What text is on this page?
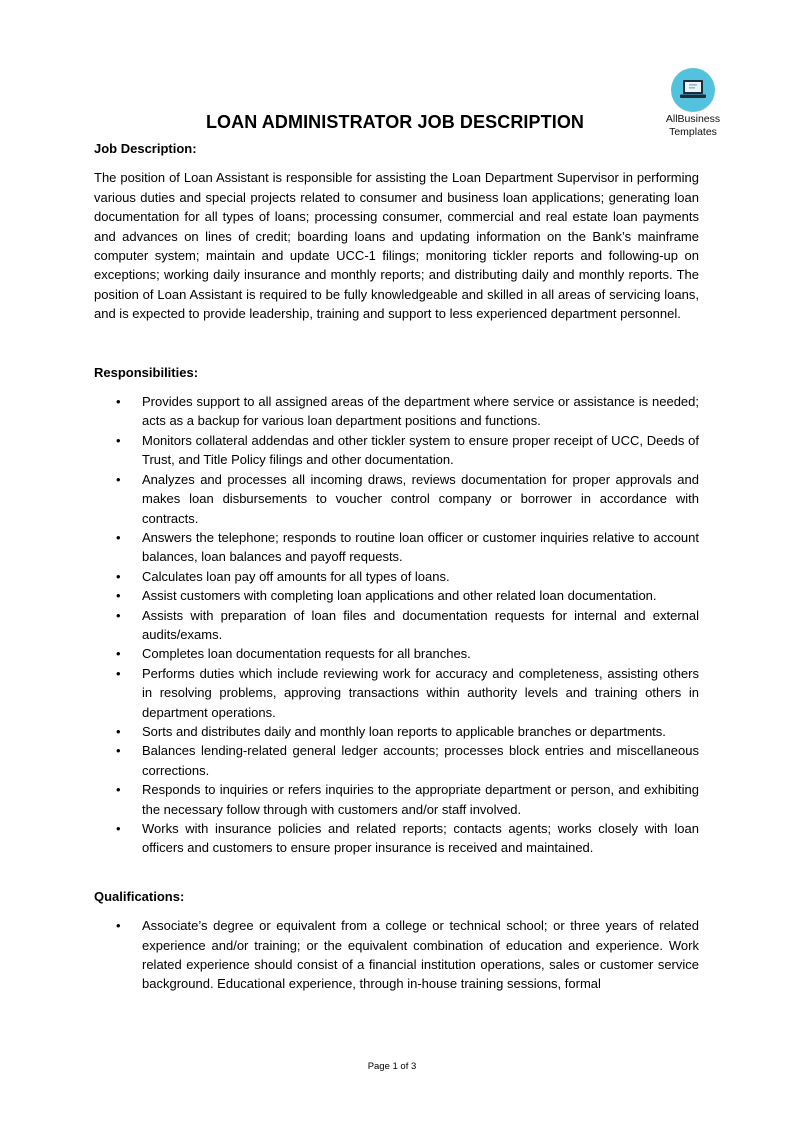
AllBusiness
Templates
LOAN ADMINISTRATOR JOB DESCRIPTION

Job Description:

The position of Loan Assistant is responsible for assisting the Loan Department Supervisor in performing various duties and special projects related to consumer and business loan applications; generating loan documentation for all types of loans; processing consumer, commercial and real estate loan payments and advances on lines of credit; boarding loans and updating information on the Bank’s mainframe computer system; maintain and update UCC-1 filings; monitoring tickler reports and following-up on exceptions; working daily insurance and monthly reports; and distributing daily and monthly reports. The position of Loan Assistant is required to be fully knowledgeable and skilled in all areas of servicing loans, and is expected to provide leadership, training and support to less experienced department personnel.

Responsibilities:

• Provides support to all assigned areas of the department where service or assistance is needed; acts as a backup for various loan department positions and functions.
• Monitors collateral addendas and other tickler system to ensure proper receipt of UCC, Deeds of Trust, and Title Policy filings and other documentation.
• Analyzes and processes all incoming draws, reviews documentation for proper approvals and makes loan disbursements to voucher control company or borrower in accordance with contracts.
• Answers the telephone; responds to routine loan officer or customer inquiries relative to account balances, loan balances and payoff requests.
• Calculates loan pay off amounts for all types of loans.
• Assist customers with completing loan applications and other related loan documentation.
• Assists with preparation of loan files and documentation requests for internal and external audits/exams.
• Completes loan documentation requests for all branches.
• Performs duties which include reviewing work for accuracy and completeness, assisting others in resolving problems, approving transactions within authority levels and training others in department operations.
• Sorts and distributes daily and monthly loan reports to applicable branches or departments.
• Balances lending-related general ledger accounts; processes block entries and miscellaneous corrections.
• Responds to inquiries or refers inquiries to the appropriate department or person, and exhibiting the necessary follow through with customers and/or staff involved.
• Works with insurance policies and related reports; contacts agents; works closely with loan officers and customers to ensure proper insurance is received and maintained.

Qualifications:

• Associate’s degree or equivalent from a college or technical school; or three years of related experience and/or training; or the equivalent combination of education and experience. Work related experience should consist of a financial institution operations, sales or customer service background. Educational experience, through in-house training sessions, formal
Page 1 of 3
